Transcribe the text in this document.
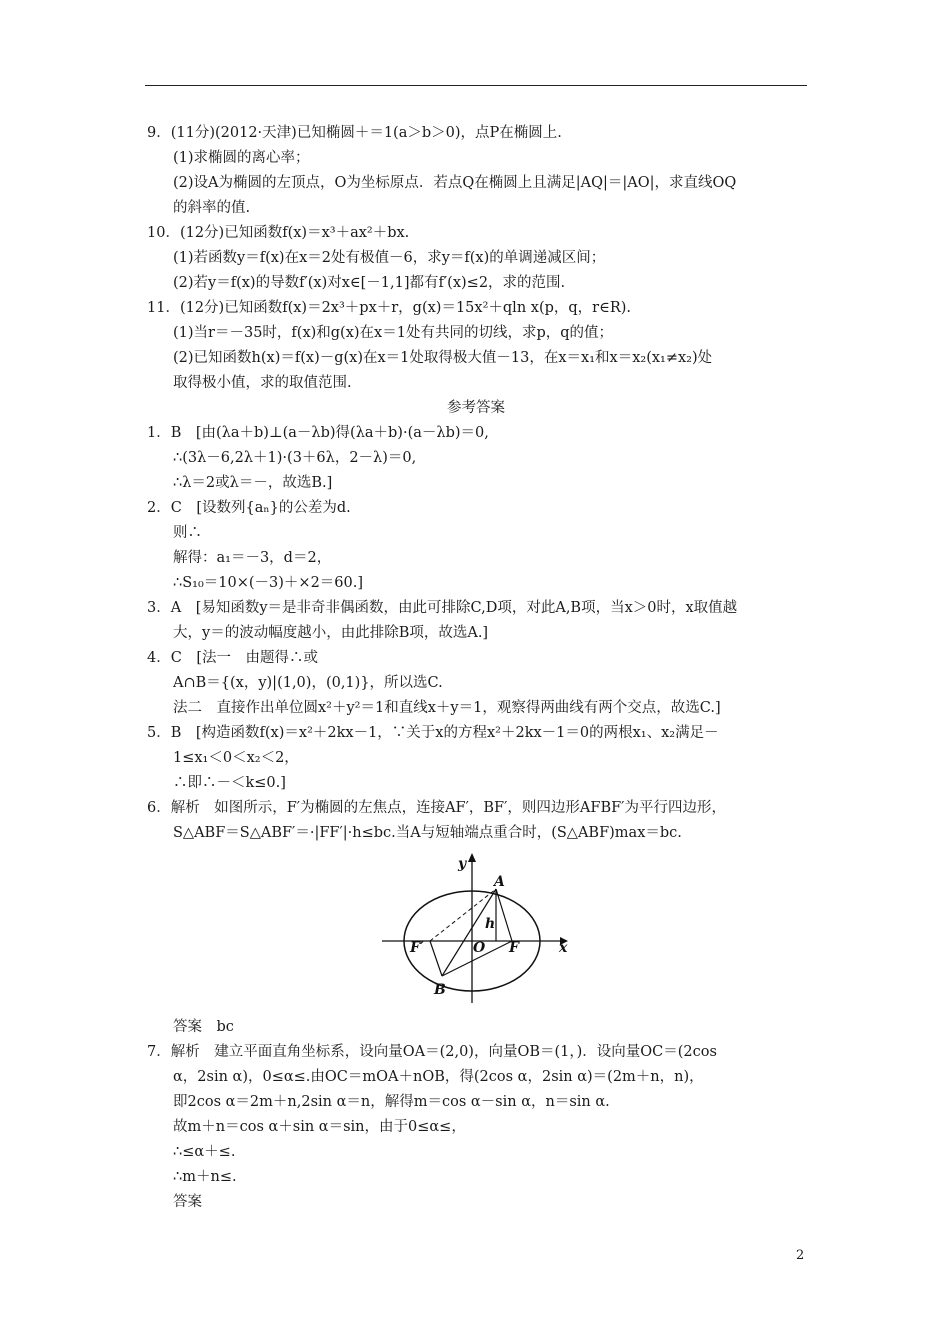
9．(11分)(2012·天津)已知椭圆＋＝1(a＞b＞0)，点P在椭圆上.
(1)求椭圆的离心率；
(2)设A为椭圆的左顶点，O为坐标原点．若点Q在椭圆上且满足|AQ|＝|AO|，求直线OQ
的斜率的值.
10．(12分)已知函数f(x)＝x³＋ax²＋bx.
(1)若函数y＝f(x)在x＝2处有极值－6，求y＝f(x)的单调递减区间；
(2)若y＝f(x)的导数f′(x)对x∈[－1,1]都有f′(x)≤2，求的范围.
11．(12分)已知函数f(x)＝2x³＋px＋r，g(x)＝15x²＋qln x(p，q，r∈R).
(1)当r＝－35时，f(x)和g(x)在x＝1处有共同的切线，求p，q的值；
(2)已知函数h(x)＝f(x)－g(x)在x＝1处取得极大值－13，在x＝x₁和x＝x₂(x₁≠x₂)处
取得极小值，求的取值范围.
参考答案
1．B　[由(λa＋b)⊥(a－λb)得(λa＋b)·(a－λb)＝0,
∴(3λ－6,2λ＋1)·(3＋6λ，2－λ)＝0,
∴λ＝2或λ＝－，故选B.]
2．C　[设数列{aₙ}的公差为d.
则∴
解得：a₁＝－3，d＝2，
∴S₁₀＝10×(－3)＋×2＝60.]
3．A　[易知函数y＝是非奇非偶函数，由此可排除C,D项，对此A,B项，当x＞0时，x取值越
大，y＝的波动幅度越小，由此排除B项，故选A.]
4．C　[法一　由题得∴或
A∩B＝{(x，y)|(1,0)，(0,1)}，所以选C.
法二　直接作出单位圆x²＋y²＝1和直线x＋y＝1，观察得两曲线有两个交点，故选C.]
5．B　[构造函数f(x)＝x²＋2kx－1，∵关于x的方程x²＋2kx－1＝0的两根x₁、x₂满足－
1≤x₁＜0＜x₂＜2，
∴即∴－＜k≤0.]
6．解析　如图所示，F′为椭圆的左焦点，连接AF′，BF′，则四边形AFBF′为平行四边形，
S△ABF＝S△ABF′＝·|FF′|·h≤bc.当A与短轴端点重合时，(S△ABF)max＝bc.
y
A
h
F′	O F	x
B
答案　bc
7．解析　建立平面直角坐标系，设向量OA＝(2,0)，向量OB＝(1，)．设向量OC＝(2cos
α，2sin α)，0≤α≤.由OC＝mOA＋nOB，得(2cos α，2sin α)＝(2m＋n，n)，
即2cos α＝2m＋n,2sin α＝n，解得m＝cos α－sin α，n＝sin α.
故m＋n＝cos α＋sin α＝sin，由于0≤α≤，
∴≤α＋≤.
∴m＋n≤.
答案
2
